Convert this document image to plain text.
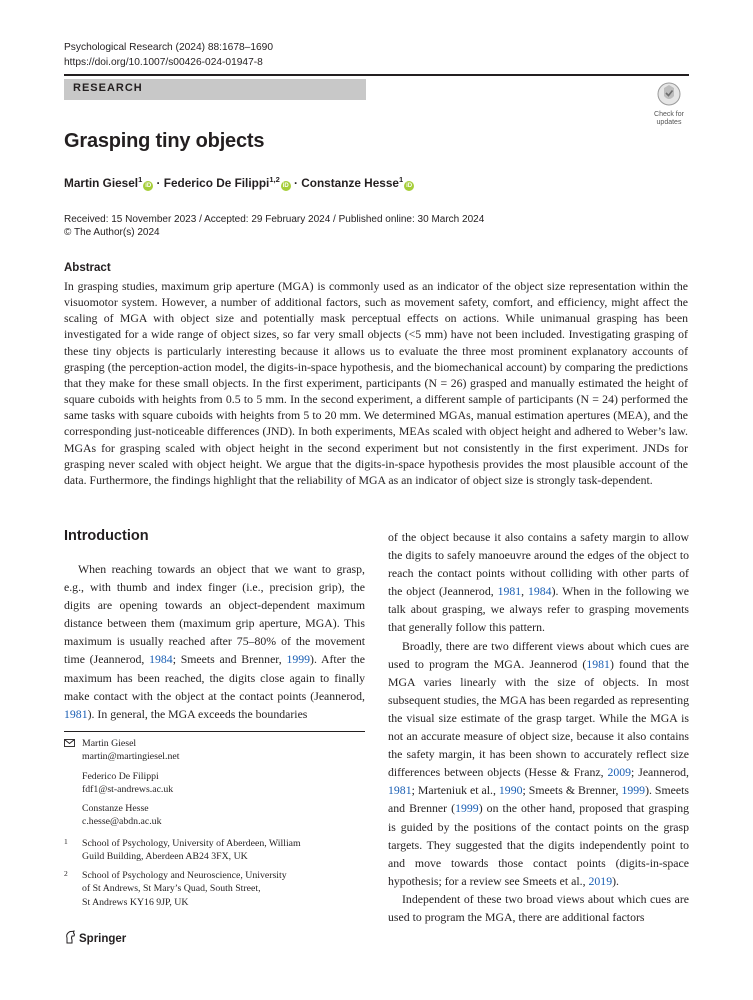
Psychological Research (2024) 88:1678–1690
https://doi.org/10.1007/s00426-024-01947-8
RESEARCH
Check for
updates
Grasping tiny objects
Martin Giesel$^1$iD · Federico De Filippi$^{1,2}$iD · Constanze Hesse$^1$iD
Received: 15 November 2023 / Accepted: 29 February 2024 / Published online: 30 March 2024
© The Author(s) 2024
Abstract
In grasping studies, maximum grip aperture (MGA) is commonly used as an indicator of the object size representation within the visuomotor system. However, a number of additional factors, such as movement safety, comfort, and efficiency, might affect the scaling of MGA with object size and potentially mask perceptual effects on actions. While unimanual grasping has been investigated for a wide range of object sizes, so far very small objects (<5 mm) have not been included. Investigating grasping of these tiny objects is particularly interesting because it allows us to evaluate the three most prominent explanatory accounts of grasping (the perception-action model, the digits-in-space hypothesis, and the biomechanical account) by comparing the predictions that they make for these small objects. In the first experiment, participants (N = 26) grasped and manually estimated the height of square cuboids with heights from 0.5 to 5 mm. In the second experiment, a different sample of participants (N = 24) performed the same tasks with square cuboids with heights from 5 to 20 mm. We determined MGAs, manual estimation apertures (MEA), and the corresponding just-noticeable differences (JND). In both experiments, MEAs scaled with object height and adhered to Weber’s law. MGAs for grasping scaled with object height in the second experiment but not consistently in the first experiment. JNDs for grasping never scaled with object height. We argue that the digits-in-space hypothesis provides the most plausible account of the data. Furthermore, the findings highlight that the reliability of MGA as an indicator of object size is strongly task-dependent.
Introduction

When reaching towards an object that we want to grasp, e.g., with thumb and index finger (i.e., precision grip), the digits are opening towards an object-dependent maximum distance between them (maximum grip aperture, MGA). This maximum is usually reached after 75–80% of the movement time (Jeannerod, 1984; Smeets and Brenner, 1999). After the maximum has been reached, the digits close again to finally make contact with the object at the contact points (Jeannerod, 1981). In general, the MGA exceeds the boundaries

of the object because it also contains a safety margin to allow the digits to safely manoeuvre around the edges of the object to reach the contact points without colliding with other parts of the object (Jeannerod, 1981, 1984). When in the following we talk about grasping, we always refer to grasping movements that generally follow this pattern.

Broadly, there are two different views about which cues are used to program the MGA. Jeannerod (1981) found that the MGA varies linearly with the size of objects. In most subsequent studies, the MGA has been regarded as representing the visual size estimate of the grasp target. While the MGA is not an accurate measure of object size, because it also contains the safety margin, it has been shown to accurately reflect size differences between objects (Hesse & Franz, 2009; Jeannerod, 1981; Marteniuk et al., 1990; Smeets & Brenner, 1999). Smeets and Brenner (1999) on the other hand, proposed that grasping is guided by the positions of the contact points on the grasp targets. They suggested that the digits independently point to and move towards those contact points (digits-in-space hypothesis; for a review see Smeets et al., 2019).

Independent of these two broad views about which cues are used to program the MGA, there are additional factors

Martin Giesel
martin@martingiesel.net
Federico De Filippi
fdf1@st-andrews.ac.uk
Constanze Hesse
c.hesse@abdn.ac.uk
1 School of Psychology, University of Aberdeen, William
Guild Building, Aberdeen AB24 3FX, UK
2 School of Psychology and Neuroscience, University
of St Andrews, St Mary’s Quad, South Street,
St Andrews KY16 9JP, UK
Springer
